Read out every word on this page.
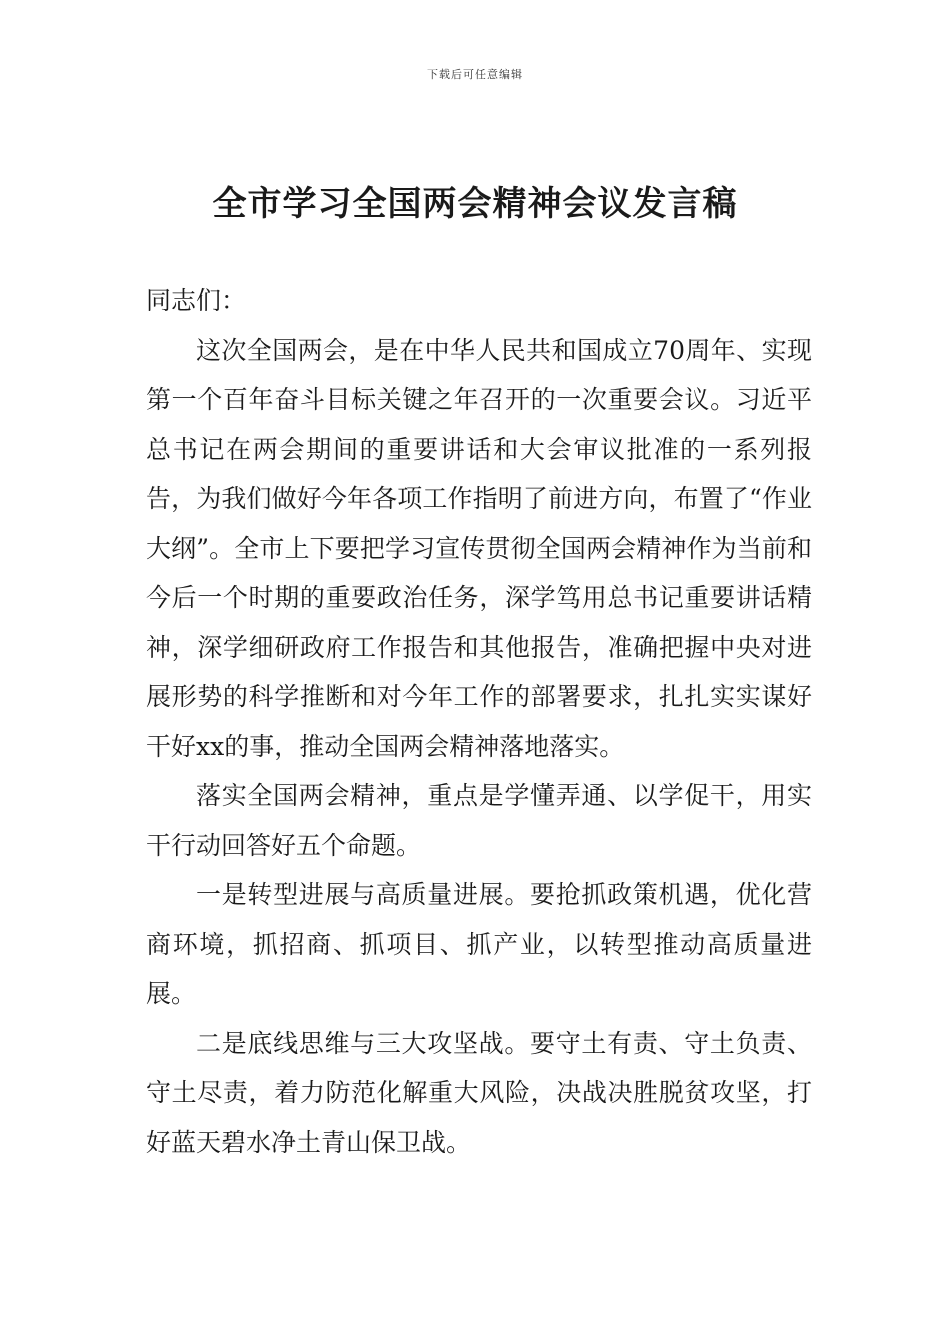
下载后可任意编辑
全市学习全国两会精神会议发言稿

同志们：

这次全国两会，是在中华人民共和国成立70周年、实现第一个百年奋斗目标关键之年召开的一次重要会议。习近平总书记在两会期间的重要讲话和大会审议批准的一系列报告，为我们做好今年各项工作指明了前进方向，布置了“作业大纲”。全市上下要把学习宣传贯彻全国两会精神作为当前和今后一个时期的重要政治任务，深学笃用总书记重要讲话精神，深学细研政府工作报告和其他报告，准确把握中央对进展形势的科学推断和对今年工作的部署要求，扎扎实实谋好干好xx的事，推动全国两会精神落地落实。

落实全国两会精神，重点是学懂弄通、以学促干，用实干行动回答好五个命题。

一是转型进展与高质量进展。要抢抓政策机遇，优化营商环境，抓招商、抓项目、抓产业，以转型推动高质量进展。

二是底线思维与三大攻坚战。要守土有责、守土负责、守土尽责，着力防范化解重大风险，决战决胜脱贫攻坚，打好蓝天碧水净土青山保卫战。
